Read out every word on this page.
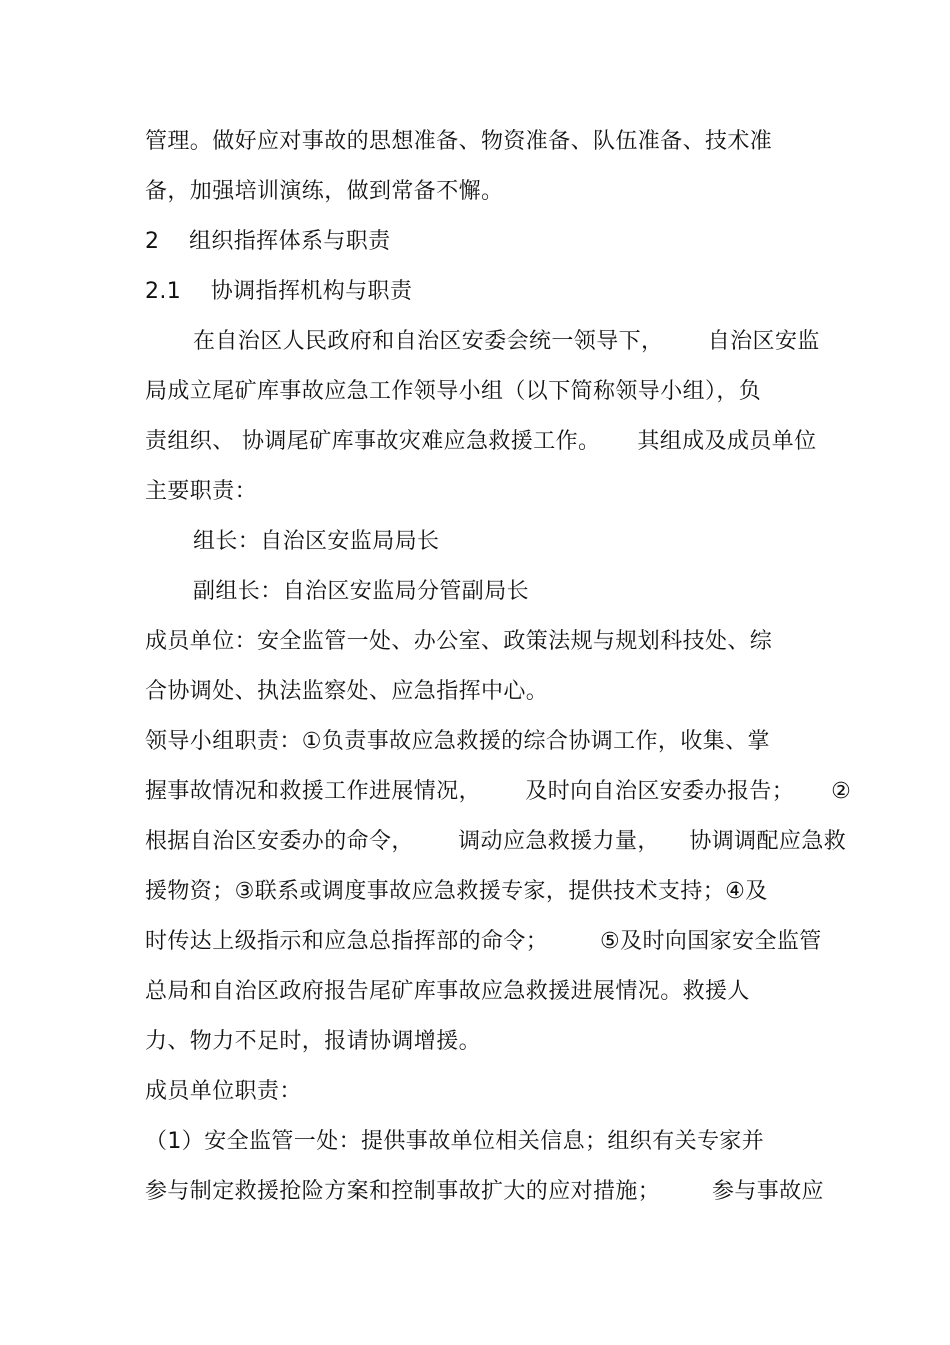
管理。做好应对事故的思想准备、物资准备、队伍准备、技术准
备，加强培训演练，做到常备不懈。
2    组织指挥体系与职责
2.1    协调指挥机构与职责
在自治区人民政府和自治区安委会统一领导下，      自治区安监
局成立尾矿库事故应急工作领导小组（以下简称领导小组），负
责组织、 协调尾矿库事故灾难应急救援工作。     其组成及成员单位
主要职责：
组长：自治区安监局局长
副组长：自治区安监局分管副局长
成员单位：安全监管一处、办公室、政策法规与规划科技处、综
合协调处、执法监察处、应急指挥中心。
领导小组职责：①负责事故应急救援的综合协调工作，收集、掌
握事故情况和救援工作进展情况，      及时向自治区安委办报告；     ②
根据自治区安委办的命令，      调动应急救援力量，    协调调配应急救
援物资；③联系或调度事故应急救援专家，提供技术支持；④及
时传达上级指示和应急总指挥部的命令；       ⑤及时向国家安全监管
总局和自治区政府报告尾矿库事故应急救援进展情况。救援人
力、物力不足时，报请协调增援。
成员单位职责：
（1）安全监管一处：提供事故单位相关信息；组织有关专家并
参与制定救援抢险方案和控制事故扩大的应对措施；       参与事故应
